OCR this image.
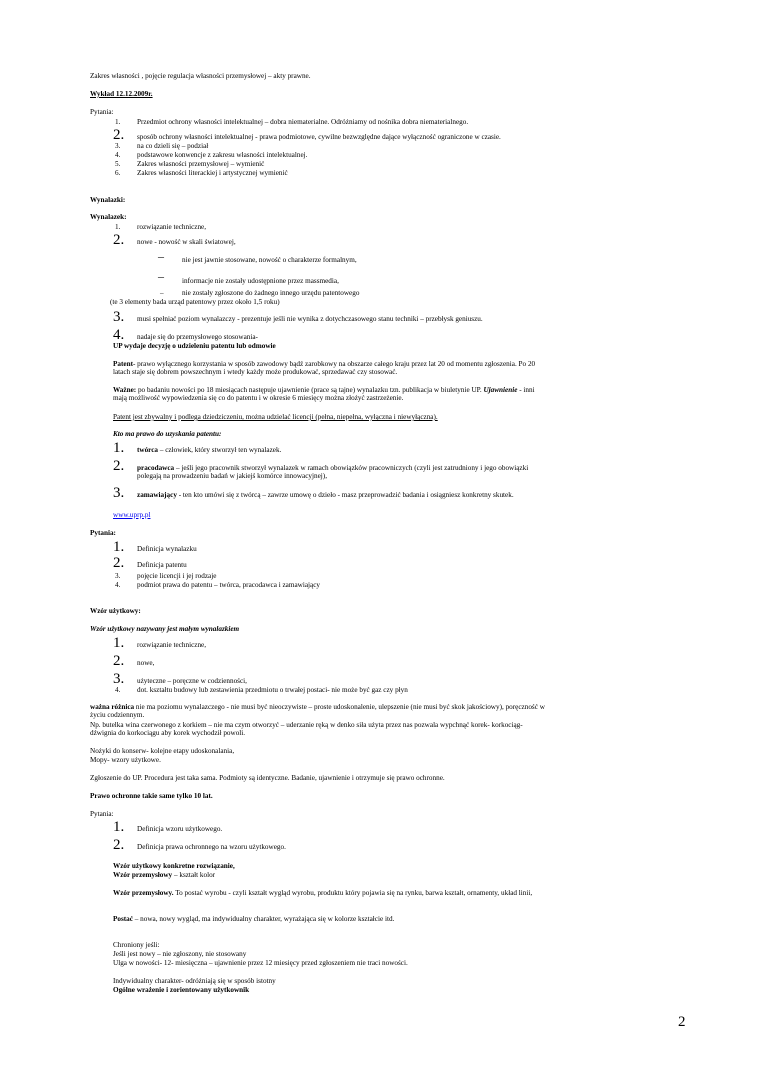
Zakres własności , pojęcie regulacja własności przemysłowej – akty prawne.
Wykład 12.12.2009r.
Pytania:
1.	Przedmiot ochrony własności intelektualnej – dobra niematerialne. Odróżniamy od nośnika dobra niematerialnego.
2.	sposób ochrony własności intelektualnej - prawa podmiotowe, cywilne bezwzględne dające wyłączność ograniczone w czasie.
3.	na co dzieli się – podział
4.	podstawowe konwencje z zakresu własności intelektualnej.
5.	Zakres własności przemysłowej – wymienić
6.	Zakres własności literackiej i artystycznej wymienić
Wynalazki:
Wynalazek:
1.	rozwiązanie techniczne,
2.	nowe - nowość w skali światowej,
–	nie jest jawnie stosowane, nowość o charakterze formalnym,
–	informacje nie zostały udostępnione przez massmedia,
–	nie zostały zgłoszone do żadnego innego urzędu patentowego
(te 3 elementy bada urząd patentowy przez około 1,5 roku)
3.	musi spełniać poziom wynalazczy - prezentuje jeśli nie wynika z dotychczasowego stanu techniki – przebłysk geniuszu.
4.	nadaje się do przemysłowego stosowania-
UP wydaje decyzję o udzieleniu patentu lub odmowie
Patent- prawo wyłącznego korzystania w sposób zawodowy bądź zarobkowy na obszarze całego kraju przez lat 20 od momentu zgłoszenia. Po 20 latach staje się dobrem powszechnym i wtedy każdy może produkować, sprzedawać czy stosować.
Ważne: po badaniu nowości po 18 miesiącach następuje ujawnienie (prace są tajne) wynalazku tzn. publikacja w biuletynie UP. Ujawnienie - inni mają możliwość wypowiedzenia się co do patentu i w okresie 6 miesięcy można złożyć zastrzeżenie.
Patent jest zbywalny i podlega dziedziczeniu, można udzielać licencji (pełna, niepełna, wyłączna i niewyłączna).
Kto ma prawo do uzyskania patentu:
1.	twórca – człowiek, który stworzył ten wynalazek.
2.	pracodawca – jeśli jego pracownik stworzył wynalazek w ramach obowiązków pracowniczych (czyli jest zatrudniony i jego obowiązki polegają na prowadzeniu badań w jakiejś komórce innowacyjnej),
3.	zamawiający - ten kto umówi się z twórcą – zawrze umowę o dzieło - masz przeprowadzić badania i osiągniesz konkretny skutek.
www.uprp.pl
Pytania:
1.	Definicja wynalazku
2.	Definicja patentu
3.	pojęcie licencji i jej rodzaje
4.	podmiot prawa do patentu – twórca, pracodawca i zamawiający
Wzór użytkowy:
Wzór użytkowy nazywany jest małym wynalazkiem
1.	rozwiązanie techniczne,
2.	nowe,
3.	użyteczne – poręczne w codzienności,
4.	dot. kształtu budowy lub zestawienia przedmiotu o trwałej postaci- nie może być gaz czy płyn
ważna różnica nie ma poziomu wynalazczego - nie musi być nieoczywiste – proste udoskonalenie, ulepszenie (nie musi być skok jakościowy), poręczność w życiu codziennym.
Np. butelka wina czerwonego z korkiem – nie ma czym otworzyć – uderzanie ręką w denko siła użyta przez nas pozwala wypchnąć korek- korkociąg- dźwignia do korkociągu aby korek wychodził powoli.
Nożyki do konserw- kolejne etapy udoskonalania,
Mopy- wzory użytkowe.
Zgłoszenie do UP. Procedura jest taka sama. Podmioty są identyczne. Badanie, ujawnienie i otrzymuje się prawo ochronne.
Prawo ochronne takie same tylko 10 lat.
Pytania:
1.	Definicja wzoru użytkowego.
2.	Definicja prawa ochronnego na wzoru użytkowego.
Wzór użytkowy konkretne rozwiązanie,
Wzór przemysłowy – kształt kolor
Wzór przemysłowy. To postać wyrobu - czyli kształt wygląd wyrobu, produktu który pojawia się na rynku, barwa kształt, ornamenty, układ linii,
Postać – nowa, nowy wygląd, ma indywidualny charakter, wyrażająca się w kolorze kształcie itd.
Chroniony jeśli:
Jeśli jest nowy – nie zgłoszony, nie stosowany
Ulga w nowości- 12- miesięczna – ujawnienie przez 12 miesięcy przed zgłoszeniem nie traci nowości.
Indywidualny charakter- odróżniają się w sposób istotny
Ogólne wrażenie i zorientowany użytkownik
2
